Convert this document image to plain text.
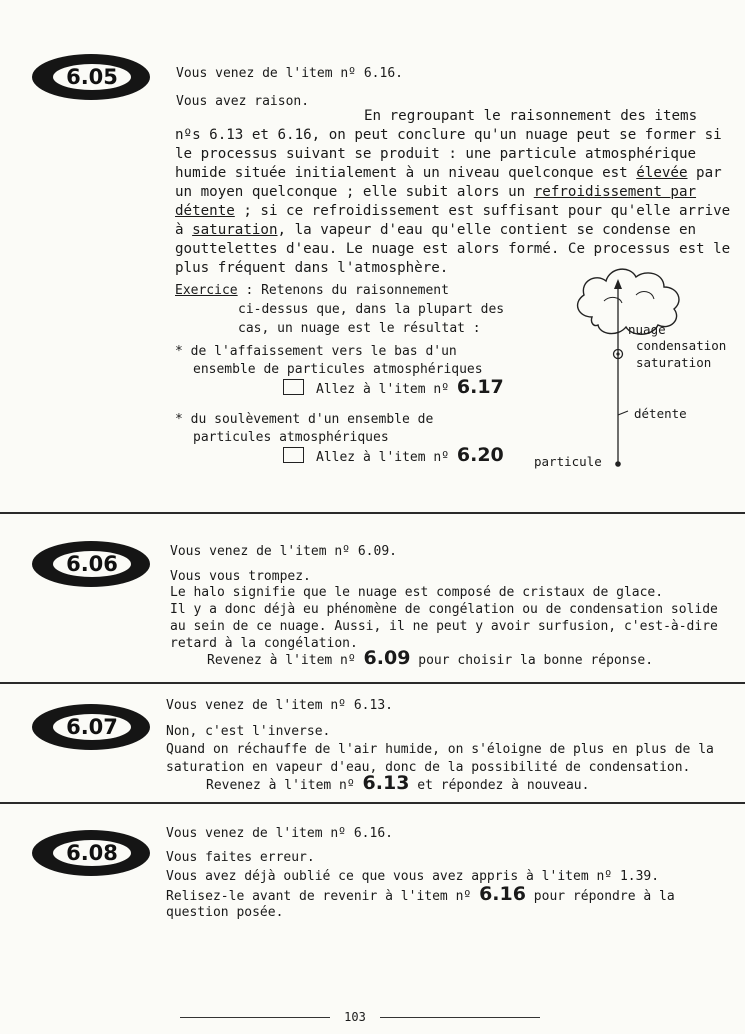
6.05	Vous venez de l'item nº 6.16.

Vous avez raison.

En regroupant le raisonnement des items

nºs 6.13 et 6.16, on peut conclure qu'un nuage peut se former si

le processus suivant se produit : une particule atmosphérique

humide située initialement à un niveau quelconque est élevée par

un moyen quelconque ; elle subit alors un refroidissement par

détente ; si ce refroidissement est suffisant pour qu'elle arrive

à saturation, la vapeur d'eau qu'elle contient se condense en

gouttelettes d'eau. Le nuage est alors formé. Ce processus est le

plus fréquent dans l'atmosphère.

Exercice : Retenons du raisonnement

ci-dessus que, dans la plupart des

cas, un nuage est le résultat :

* de l'affaissement vers le bas d'un

ensemble de particules atmosphériques

Allez à l'item nº 6.17

* du soulèvement d'un ensemble de

particules atmosphériques

Allez à l'item nº 6.20
nuage
condensation
saturation
détente
particule
6.06

Vous venez de l'item nº 6.09.

Vous vous trompez.

Le halo signifie que le nuage est composé de cristaux de glace.

Il y a donc déjà eu phénomène de congélation ou de condensation solide

au sein de ce nuage. Aussi, il ne peut y avoir surfusion, c'est-à-dire

retard à la congélation.

Revenez à l'item nº 6.09 pour choisir la bonne réponse.

6.07

Vous venez de l'item nº 6.13.

Non, c'est l'inverse.

Quand on réchauffe de l'air humide, on s'éloigne de plus en plus de la

saturation en vapeur d'eau, donc de la possibilité de condensation.

Revenez à l'item nº 6.13 et répondez à nouveau.

6.08

Vous venez de l'item nº 6.16.

Vous faites erreur.

Vous avez déjà oublié ce que vous avez appris à l'item nº 1.39.

Relisez-le avant de revenir à l'item nº 6.16 pour répondre à la

question posée.

103
